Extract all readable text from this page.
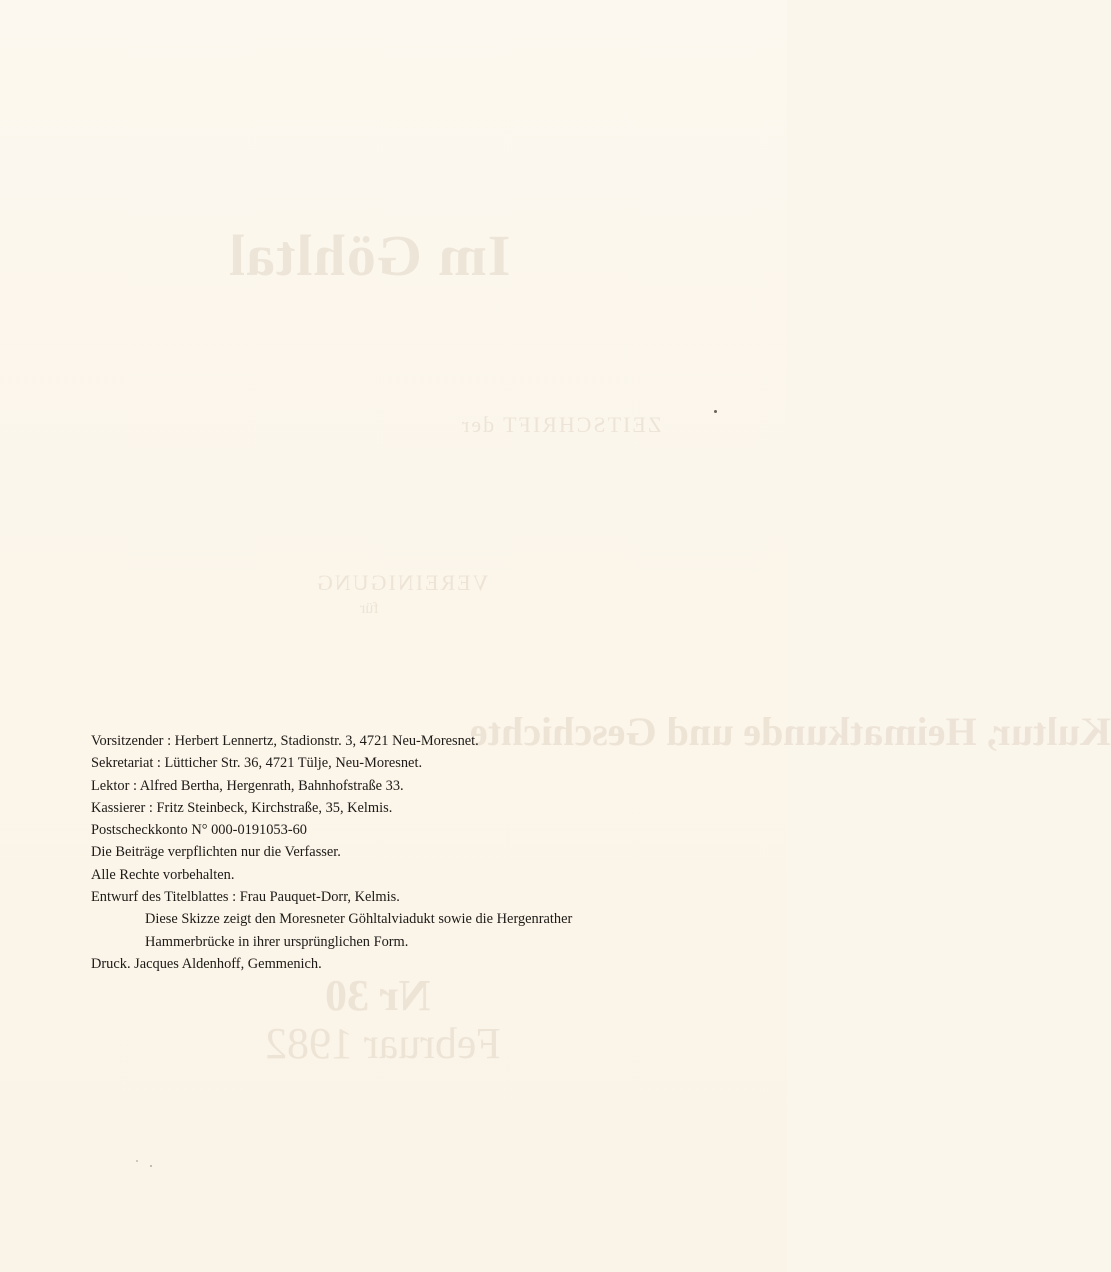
Im Göhltal
ZEITSCHRIFT der
VEREINIGUNG
für
Kultur, Heimatkunde und Geschichte
Nr 30
Februar 1982
Vorsitzender : Herbert Lennertz, Stadionstr. 3, 4721 Neu-Moresnet.
Sekretariat : Lütticher Str. 36, 4721 Tülje, Neu-Moresnet.
Lektor : Alfred Bertha, Hergenrath, Bahnhofstraße 33.
Kassierer : Fritz Steinbeck, Kirchstraße, 35, Kelmis.
Postscheckkonto N° 000-0191053-60
Die Beiträge verpflichten nur die Verfasser.
Alle Rechte vorbehalten.
Entwurf des Titelblattes : Frau Pauquet-Dorr, Kelmis.
Diese Skizze zeigt den Moresneter Göhltalviadukt sowie die Hergenrather
Hammerbrücke in ihrer ursprünglichen Form.
Druck. Jacques Aldenhoff, Gemmenich.
